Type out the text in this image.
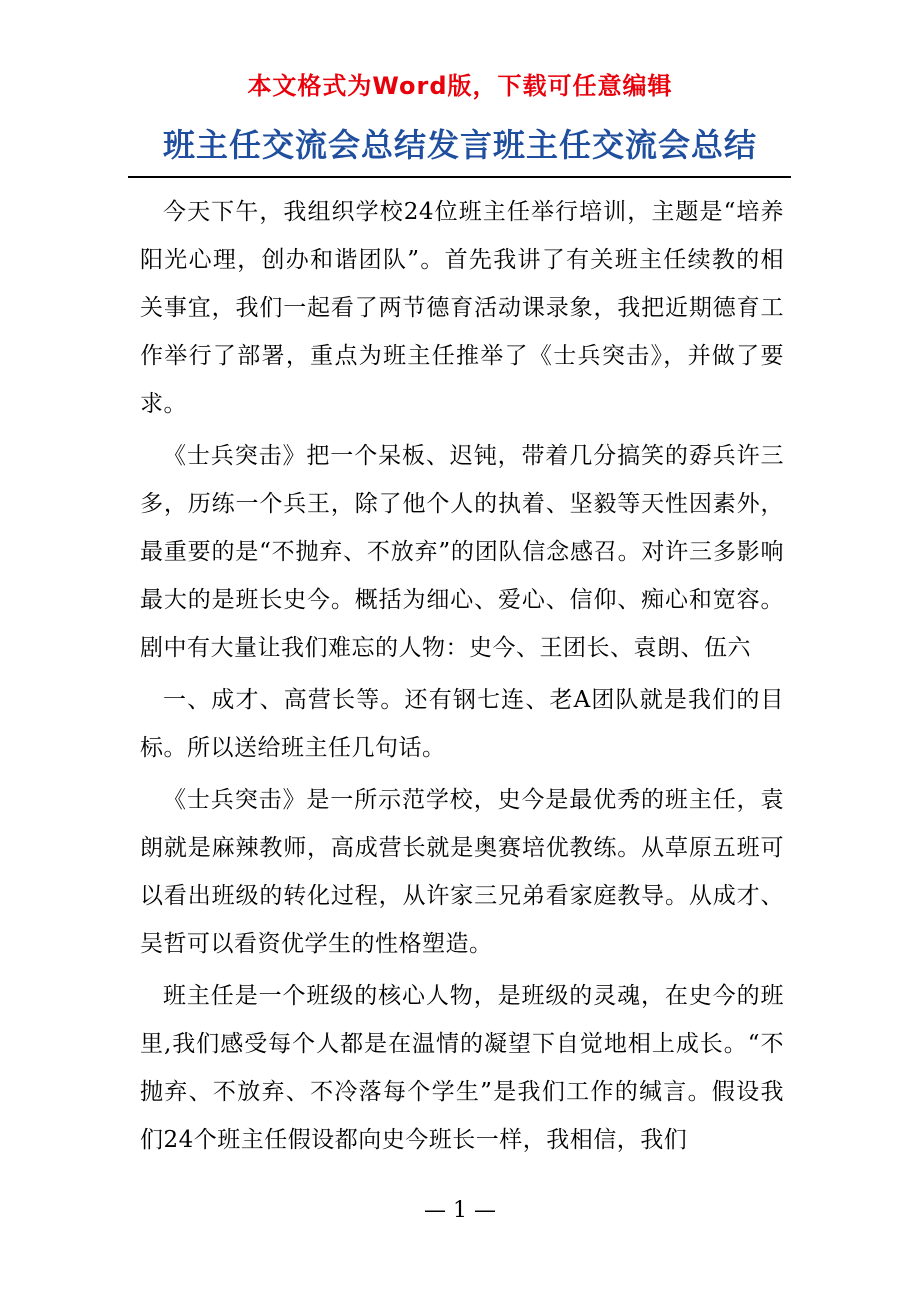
本文格式为Word版，下载可任意编辑
班主任交流会总结发言班主任交流会总结

今天下午，我组织学校24位班主任举行培训，主题是“培养阳光心理，创办和谐团队”。首先我讲了有关班主任续教的相关事宜，我们一起看了两节德育活动课录象，我把近期德育工作举行了部署，重点为班主任推举了《士兵突击》，并做了要求。

《士兵突击》把一个呆板、迟钝，带着几分搞笑的孬兵许三多，历练一个兵王，除了他个人的执着、坚毅等天性因素外，最重要的是“不抛弃、不放弃”的团队信念感召。对许三多影响最大的是班长史今。概括为细心、爱心、信仰、痴心和宽容。剧中有大量让我们难忘的人物：史今、王团长、袁朗、伍六

一、成才、高营长等。还有钢七连、老A团队就是我们的目标。所以送给班主任几句话。

《士兵突击》是一所示范学校，史今是最优秀的班主任，袁朗就是麻辣教师，高成营长就是奥赛培优教练。从草原五班可以看出班级的转化过程，从许家三兄弟看家庭教导。从成才、吴哲可以看资优学生的性格塑造。

班主任是一个班级的核心人物，是班级的灵魂，在史今的班里,我们感受每个人都是在温情的凝望下自觉地相上成长。“不抛弃、不放弃、不冷落每个学生”是我们工作的缄言。假设我们24个班主任假设都向史今班长一样，我相信，我们

— 1 —
